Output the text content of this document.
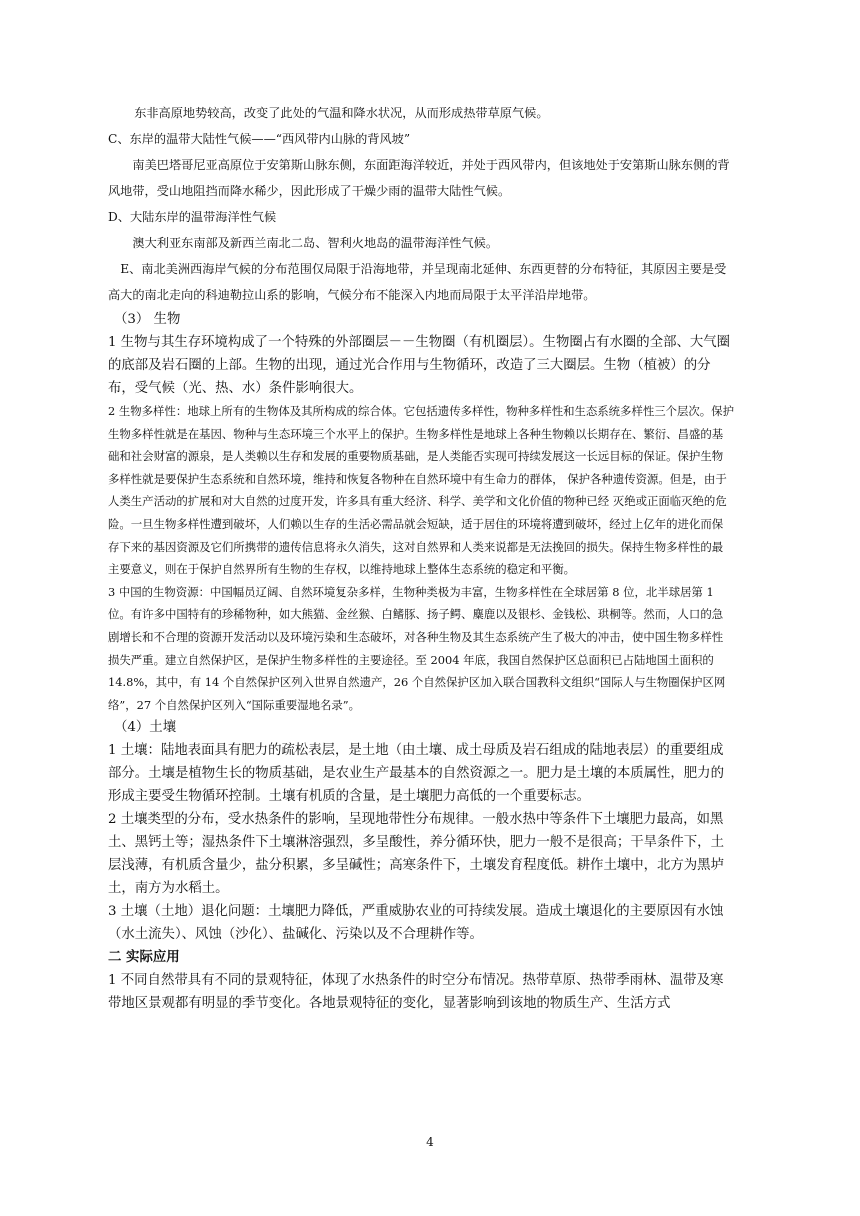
东非高原地势较高，改变了此处的气温和降水状况，从而形成热带草原气候。

C、东岸的温带大陆性气候——“西风带内山脉的背风坡”

南美巴塔哥尼亚高原位于安第斯山脉东侧，东面距海洋较近，并处于西风带内，但该地处于安第斯山脉东侧的背风地带，受山地阻挡而降水稀少，因此形成了干燥少雨的温带大陆性气候。

D、大陆东岸的温带海洋性气候

澳大利亚东南部及新西兰南北二岛、智利火地岛的温带海洋性气候。

E、南北美洲西海岸气候的分布范围仅局限于沿海地带，并呈现南北延伸、东西更替的分布特征，其原因主要是受高大的南北走向的科迪勒拉山系的影响，气候分布不能深入内地而局限于太平洋沿岸地带。

（3） 生物

1 生物与其生存环境构成了一个特殊的外部圈层－－生物圈（有机圈层）。生物圈占有水圈的全部、大气圈的底部及岩石圈的上部。生物的出现，通过光合作用与生物循环，改造了三大圈层。生物（植被）的分布，受气候（光、热、水）条件影响很大。

2 生物多样性：地球上所有的生物体及其所构成的综合体。它包括遗传多样性，物种多样性和生态系统多样性三个层次。保护生物多样性就是在基因、物种与生态环境三个水平上的保护。生物多样性是地球上各种生物赖以长期存在、繁衍、昌盛的基础和社会财富的源泉，是人类赖以生存和发展的重要物质基础，是人类能否实现可持续发展这一长远目标的保证。保护生物 多样性就是要保护生态系统和自然环境，维持和恢复各物种在自然环境中有生命力的群体， 保护各种遗传资源。但是，由于人类生产活动的扩展和对大自然的过度开发，许多具有重大经济、科学、美学和文化价值的物种已经 灭绝或正面临灭绝的危险。一旦生物多样性遭到破坏，人们赖以生存的生活必需品就会短缺，适于居住的环境将遭到破坏，经过上亿年的进化而保存下来的基因资源及它们所携带的遗传信息将永久消失，这对自然界和人类来说都是无法挽回的损失。保持生物多样性的最主要意义，则在于保护自然界所有生物的生存权，以维持地球上整体生态系统的稳定和平衡。

3 中国的生物资源：中国幅员辽阔、自然环境复杂多样，生物种类极为丰富，生物多样性在全球居第 8 位，北半球居第 1 位。有许多中国特有的珍稀物种，如大熊猫、金丝猴、白鳍豚、扬子鳄、麋鹿以及银杉、金钱松、珙桐等。然而，人口的急剧增长和不合理的资源开发活动以及环境污染和生态破坏，对各种生物及其生态系统产生了极大的冲击，使中国生物多样性损失严重。建立自然保护区，是保护生物多样性的主要途径。至 2004 年底，我国自然保护区总面积已占陆地国土面积的 14.8%，其中，有 14 个自然保护区列入世界自然遗产，26 个自然保护区加入联合国教科文组织“国际人与生物圈保护区网络”，27 个自然保护区列入“国际重要湿地名录”。

（4）土壤

1 土壤：陆地表面具有肥力的疏松表层，是土地（由土壤、成土母质及岩石组成的陆地表层）的重要组成部分。土壤是植物生长的物质基础，是农业生产最基本的自然资源之一。肥力是土壤的本质属性，肥力的形成主要受生物循环控制。土壤有机质的含量，是土壤肥力高低的一个重要标志。

2 土壤类型的分布，受水热条件的影响，呈现地带性分布规律。一般水热中等条件下土壤肥力最高，如黑土、黑钙土等；湿热条件下土壤淋溶强烈，多呈酸性，养分循环快，肥力一般不是很高；干旱条件下，土层浅薄，有机质含量少，盐分积累，多呈碱性；高寒条件下，土壤发育程度低。耕作土壤中，北方为黑垆土，南方为水稻土。

3 土壤（土地）退化问题：土壤肥力降低，严重威胁农业的可持续发展。造成土壤退化的主要原因有水蚀（水土流失）、风蚀（沙化）、盐碱化、污染以及不合理耕作等。

二 实际应用

1 不同自然带具有不同的景观特征，体现了水热条件的时空分布情况。热带草原、热带季雨林、温带及寒带地区景观都有明显的季节变化。各地景观特征的变化，显著影响到该地的物质生产、生活方式

4
